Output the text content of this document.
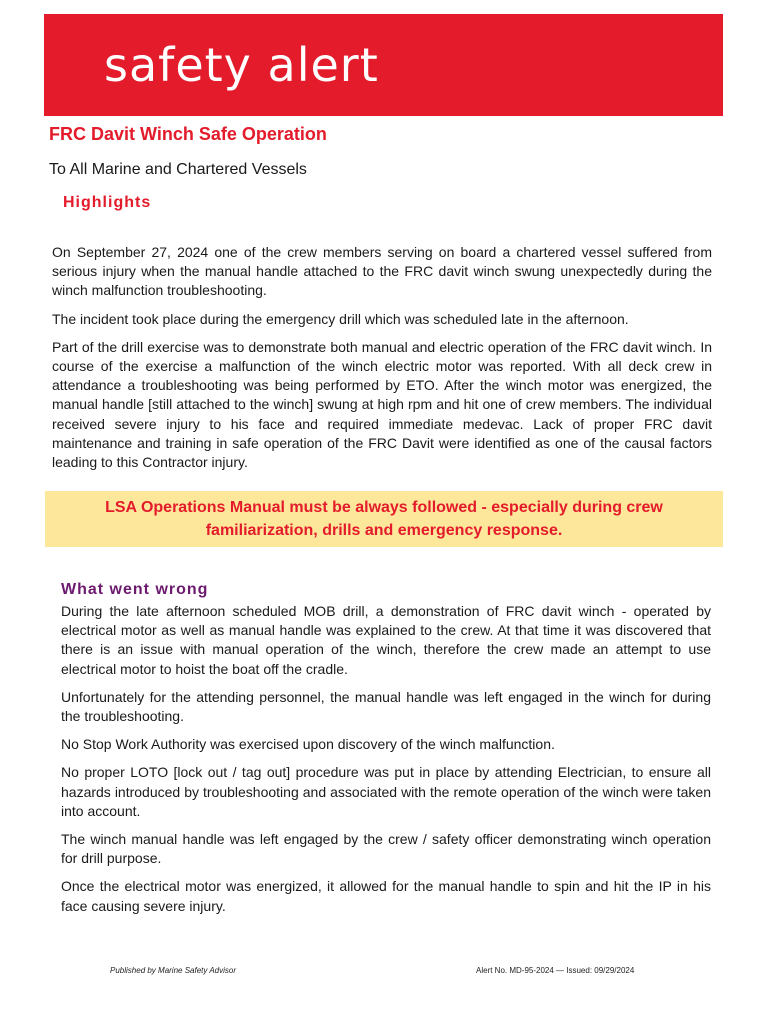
safety alert
FRC Davit Winch Safe Operation
To All Marine and Chartered Vessels
Highlights

On September 27, 2024 one of the crew members serving on board a chartered vessel suffered from serious injury when the manual handle attached to the FRC davit winch swung unexpectedly during the winch malfunction troubleshooting.

The incident took place during the emergency drill which was scheduled late in the afternoon.

Part of the drill exercise was to demonstrate both manual and electric operation of the FRC davit winch. In course of the exercise a malfunction of the winch electric motor was reported. With all deck crew in attendance a troubleshooting was being performed by ETO. After the winch motor was energized, the manual handle [still attached to the winch] swung at high rpm and hit one of crew members. The individual received severe injury to his face and required immediate medevac. Lack of proper FRC davit maintenance and training in safe operation of the FRC Davit were identified as one of the causal factors leading to this Contractor injury.

LSA Operations Manual must be always followed - especially during crew familiarization, drills and emergency response.
What went wrong

During the late afternoon scheduled MOB drill, a demonstration of FRC davit winch - operated by electrical motor as well as manual handle was explained to the crew. At that time it was discovered that there is an issue with manual operation of the winch, therefore the crew made an attempt to use electrical motor to hoist the boat off the cradle.

Unfortunately for the attending personnel, the manual handle was left engaged in the winch for during the troubleshooting.

No Stop Work Authority was exercised upon discovery of the winch malfunction.

No proper LOTO [lock out / tag out] procedure was put in place by attending Electrician, to ensure all hazards introduced by troubleshooting and associated with the remote operation of the winch were taken into account.

The winch manual handle was left engaged by the crew / safety officer demonstrating winch operation for drill purpose.

Once the electrical motor was energized, it allowed for the manual handle to spin and hit the IP in his face causing severe injury.

Published by Marine Safety Advisor	Alert No. MD-95-2024 — Issued: 09/29/2024
